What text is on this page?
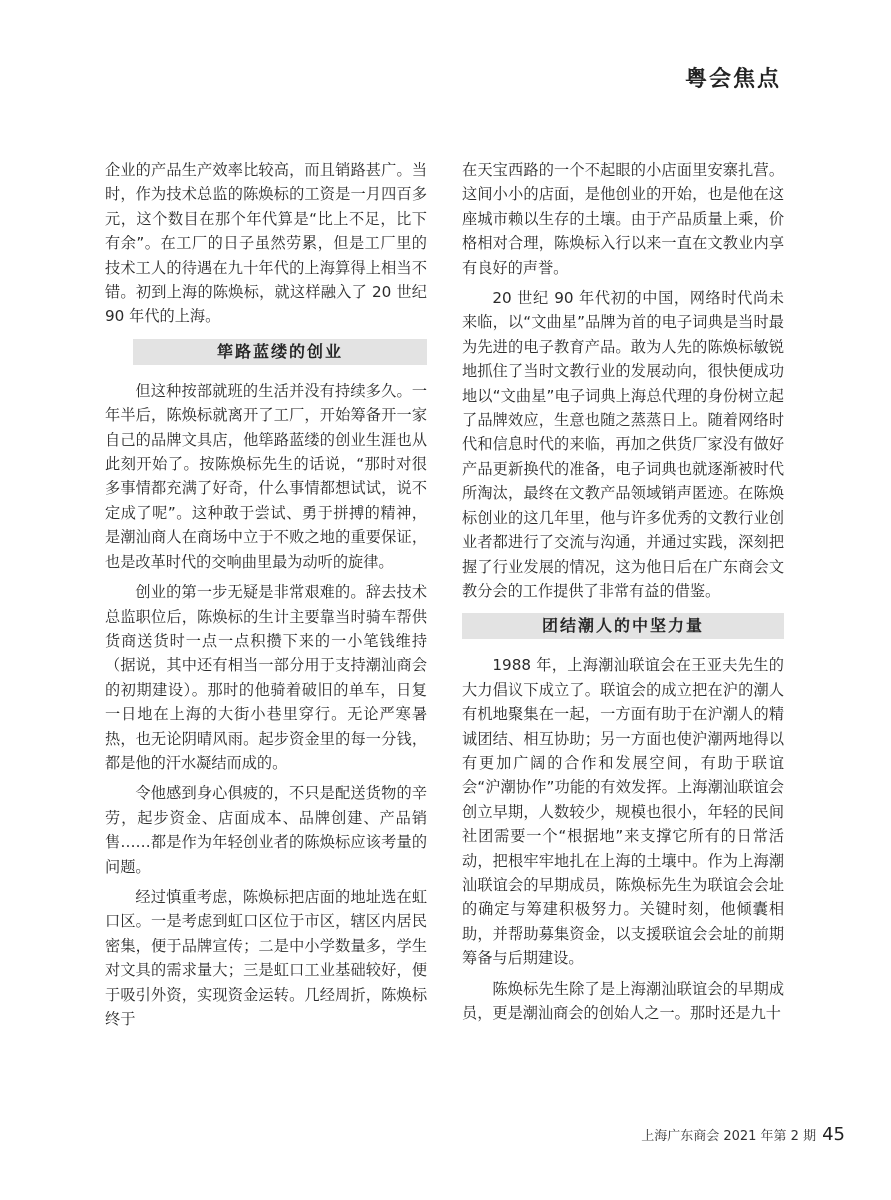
粤会焦点

企业的产品生产效率比较高，而且销路甚广。当时，作为技术总监的陈焕标的工资是一月四百多元，这个数目在那个年代算是“比上不足，比下有余”。在工厂的日子虽然劳累，但是工厂里的技术工人的待遇在九十年代的上海算得上相当不错。初到上海的陈焕标，就这样融入了 20 世纪 90 年代的上海。

筚路蓝缕的创业

但这种按部就班的生活并没有持续多久。一年半后，陈焕标就离开了工厂，开始筹备开一家自己的品牌文具店，他筚路蓝缕的创业生涯也从此刻开始了。按陈焕标先生的话说，“那时对很多事情都充满了好奇，什么事情都想试试，说不定成了呢”。这种敢于尝试、勇于拼搏的精神，是潮汕商人在商场中立于不败之地的重要保证，也是改革时代的交响曲里最为动听的旋律。

创业的第一步无疑是非常艰难的。辞去技术总监职位后，陈焕标的生计主要靠当时骑车帮供货商送货时一点一点积攒下来的一小笔钱维持（据说，其中还有相当一部分用于支持潮汕商会的初期建设）。那时的他骑着破旧的单车，日复一日地在上海的大街小巷里穿行。无论严寒暑热，也无论阴晴风雨。起步资金里的每一分钱，都是他的汗水凝结而成的。

令他感到身心俱疲的，不只是配送货物的辛劳，起步资金、店面成本、品牌创建、产品销售……都是作为年轻创业者的陈焕标应该考量的问题。

经过慎重考虑，陈焕标把店面的地址选在虹口区。一是考虑到虹口区位于市区，辖区内居民密集，便于品牌宣传；二是中小学数量多，学生对文具的需求量大；三是虹口工业基础较好，便于吸引外资，实现资金运转。几经周折，陈焕标终于

在天宝西路的一个不起眼的小店面里安寨扎营。这间小小的店面，是他创业的开始，也是他在这座城市赖以生存的土壤。由于产品质量上乘，价格相对合理，陈焕标入行以来一直在文教业内享有良好的声誉。

20 世纪 90 年代初的中国，网络时代尚未来临，以“文曲星”品牌为首的电子词典是当时最为先进的电子教育产品。敢为人先的陈焕标敏锐地抓住了当时文教行业的发展动向，很快便成功地以“文曲星”电子词典上海总代理的身份树立起了品牌效应，生意也随之蒸蒸日上。随着网络时代和信息时代的来临，再加之供货厂家没有做好产品更新换代的准备，电子词典也就逐渐被时代所淘汰，最终在文教产品领域销声匿迹。在陈焕标创业的这几年里，他与许多优秀的文教行业创业者都进行了交流与沟通，并通过实践，深刻把握了行业发展的情况，这为他日后在广东商会文教分会的工作提供了非常有益的借鉴。

团结潮人的中坚力量

1988 年，上海潮汕联谊会在王亚夫先生的大力倡议下成立了。联谊会的成立把在沪的潮人有机地聚集在一起，一方面有助于在沪潮人的精诚团结、相互协助；另一方面也使沪潮两地得以有更加广阔的合作和发展空间，有助于联谊会“沪潮协作”功能的有效发挥。上海潮汕联谊会创立早期，人数较少，规模也很小，年轻的民间社团需要一个“根据地”来支撑它所有的日常活动，把根牢牢地扎在上海的土壤中。作为上海潮汕联谊会的早期成员，陈焕标先生为联谊会会址的确定与筹建积极努力。关键时刻，他倾囊相助，并帮助募集资金，以支援联谊会会址的前期筹备与后期建设。

陈焕标先生除了是上海潮汕联谊会的早期成员，更是潮汕商会的创始人之一。那时还是九十

上海广东商会 2021 年第 2 期 45
